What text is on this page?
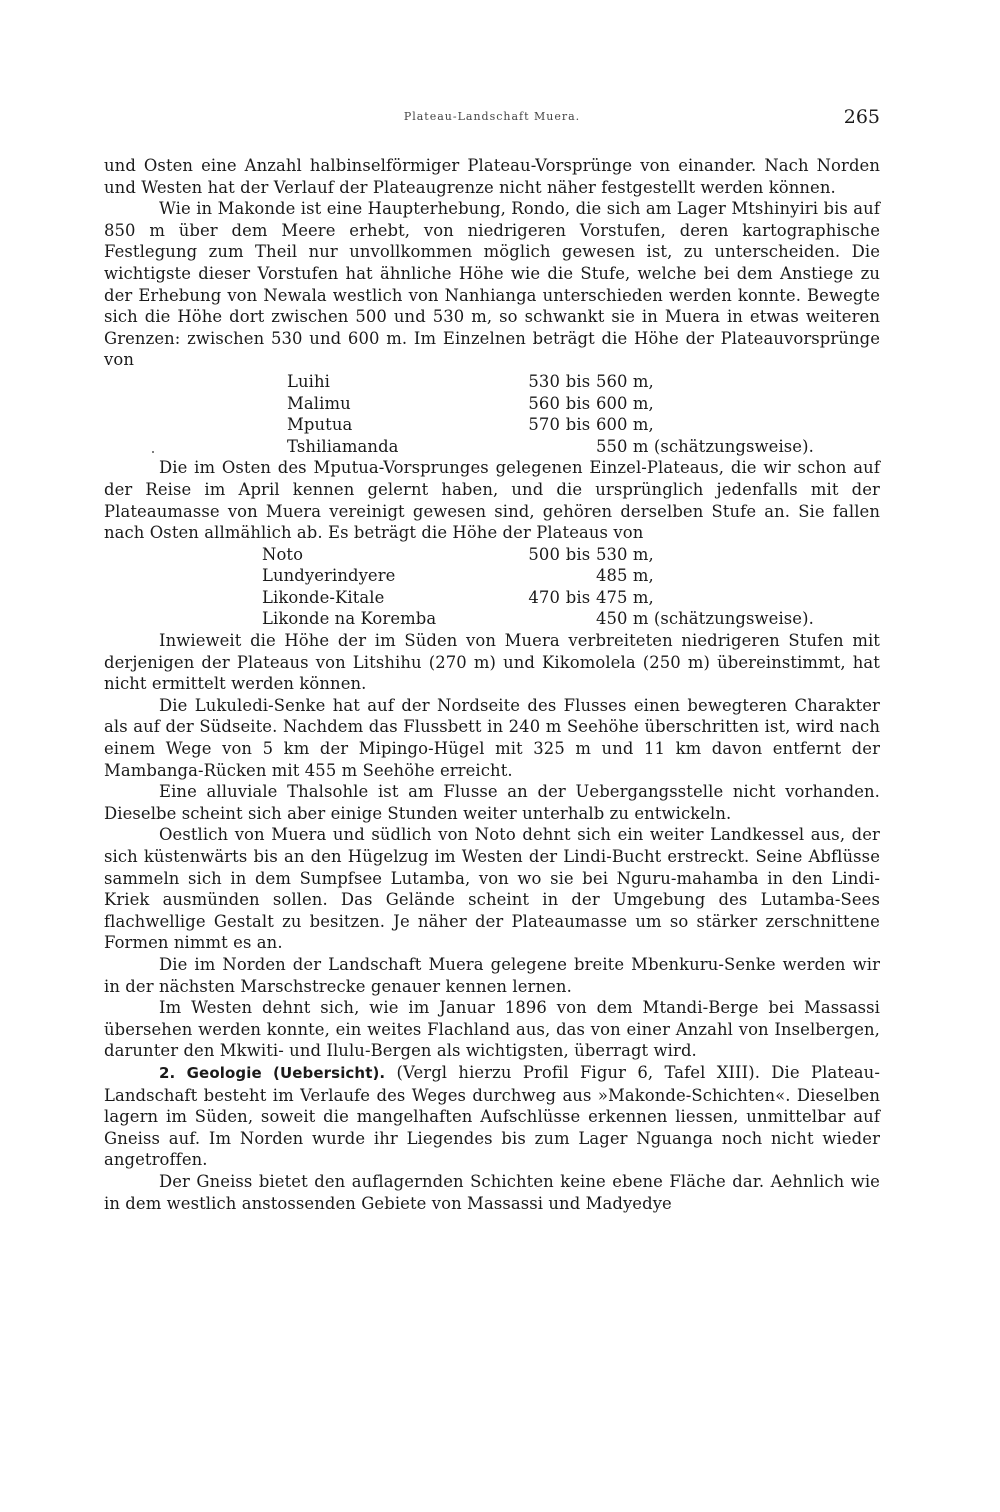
Plateau-Landschaft Muera.	265

und Osten eine Anzahl halbinselförmiger Plateau-Vorsprünge von einander. Nach Norden und Westen hat der Verlauf der Plateaugrenze nicht näher festgestellt werden können.

Wie in Makonde ist eine Haupterhebung, Rondo, die sich am Lager Mtshinyiri bis auf 850 m über dem Meere erhebt, von niedrigeren Vorstufen, deren kartographische Festlegung zum Theil nur unvollkommen möglich gewesen ist, zu unterscheiden. Die wichtigste dieser Vorstufen hat ähnliche Höhe wie die Stufe, welche bei dem Anstiege zu der Erhebung von Newala westlich von Nanhianga unterschieden werden konnte. Bewegte sich die Höhe dort zwischen 500 und 530 m, so schwankt sie in Muera in etwas weiteren Grenzen: zwischen 530 und 600 m. Im Einzelnen beträgt die Höhe der Plateauvorsprünge von

Luihi	530	bis	560 m,
Malimu	560	bis	600 m,
Mputua	570	bis	600 m,
Tshiliamanda			550 m (schätzungsweise).

Die im Osten des Mputua-Vorsprunges gelegenen Einzel-Plateaus, die wir schon auf der Reise im April kennen gelernt haben, und die ursprünglich jedenfalls mit der Plateaumasse von Muera vereinigt gewesen sind, gehören derselben Stufe an. Sie fallen nach Osten allmählich ab. Es beträgt die Höhe der Plateaus von

Noto	500	bis	530 m,
Lundyerindyere			485 m,
Likonde-Kitale	470	bis	475 m,
Likonde na Koremba			450 m (schätzungsweise).

Inwieweit die Höhe der im Süden von Muera verbreiteten niedrigeren Stufen mit derjenigen der Plateaus von Litshihu (270 m) und Kikomolela (250 m) übereinstimmt, hat nicht ermittelt werden können.

Die Lukuledi-Senke hat auf der Nordseite des Flusses einen bewegteren Charakter als auf der Südseite. Nachdem das Flussbett in 240 m Seehöhe überschritten ist, wird nach einem Wege von 5 km der Mipingo-Hügel mit 325 m und 11 km davon entfernt der Mambanga-Rücken mit 455 m Seehöhe erreicht.

Eine alluviale Thalsohle ist am Flusse an der Uebergangsstelle nicht vorhanden. Dieselbe scheint sich aber einige Stunden weiter unterhalb zu entwickeln.

Oestlich von Muera und südlich von Noto dehnt sich ein weiter Landkessel aus, der sich küstenwärts bis an den Hügelzug im Westen der Lindi-Bucht erstreckt. Seine Abflüsse sammeln sich in dem Sumpfsee Lutamba, von wo sie bei Nguru-mahamba in den Lindi-Kriek ausmünden sollen. Das Gelände scheint in der Umgebung des Lutamba-Sees flachwellige Gestalt zu besitzen. Je näher der Plateaumasse um so stärker zerschnittene Formen nimmt es an.

Die im Norden der Landschaft Muera gelegene breite Mbenkuru-Senke werden wir in der nächsten Marschstrecke genauer kennen lernen.

Im Westen dehnt sich, wie im Januar 1896 von dem Mtandi-Berge bei Massassi übersehen werden konnte, ein weites Flachland aus, das von einer Anzahl von Inselbergen, darunter den Mkwiti- und Ilulu-Bergen als wichtigsten, überragt wird.

2. Geologie (Uebersicht). (Vergl hierzu Profil Figur 6, Tafel XIII). Die Plateau-Landschaft besteht im Verlaufe des Weges durchweg aus »Makonde-Schichten«. Dieselben lagern im Süden, soweit die mangelhaften Aufschlüsse erkennen liessen, unmittelbar auf Gneiss auf. Im Norden wurde ihr Liegendes bis zum Lager Nguanga noch nicht wieder angetroffen.

Der Gneiss bietet den auflagernden Schichten keine ebene Fläche dar. Aehnlich wie in dem westlich anstossenden Gebiete von Massassi und Madyedye
